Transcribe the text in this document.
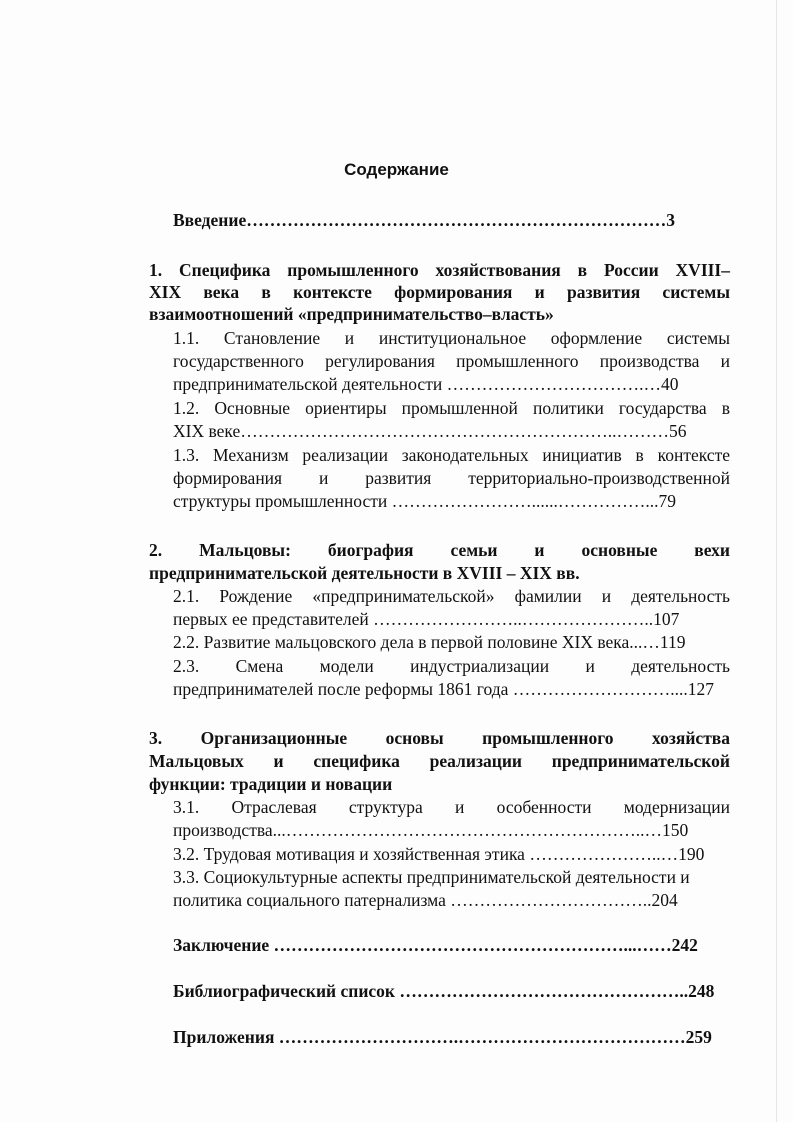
Содержание
Введение………………………………………………………………3
1. Специфика промышленного хозяйствования в России XVIII–
XIX века в контексте формирования и развития системы
взаимоотношений «предпринимательство–власть»
1.1. Становление и институциональное оформление системы
государственного регулирования промышленного производства и
предпринимательской деятельности …………………………….…40
1.2. Основные ориентиры промышленной политики государства в
XIX веке………………………………………………………..………56
1.3. Механизм реализации законодательных инициатив в контексте
формирования и развития территориально-производственной
структуры промышленности ……………………......……………...79
2. Мальцовы: биография семьи и основные вехи
предпринимательской деятельности в XVIII – XIX вв.
2.1. Рождение «предпринимательской» фамилии и деятельность
первых ее представителей ……………………..…………………..107
2.2. Развитие мальцовского дела в первой половине XIX века...…119
2.3. Смена модели индустриализации и деятельность
предпринимателей после реформы 1861 года ………………………....127
3. Организационные основы промышленного хозяйства
Мальцовых и специфика реализации предпринимательской
функции: традиции и новации
3.1. Отраслевая структура и особенности модернизации
производства...……………………………………………………..…150
3.2. Трудовая мотивация и хозяйственная этика …………………..…190
3.3. Социокультурные аспекты предпринимательской деятельности и
политика социального патернализма ……………………………..204
Заключение ……………………………………………………...……242
Библиографический список …………………………………………..248
Приложения ………………………….…………………………………259
